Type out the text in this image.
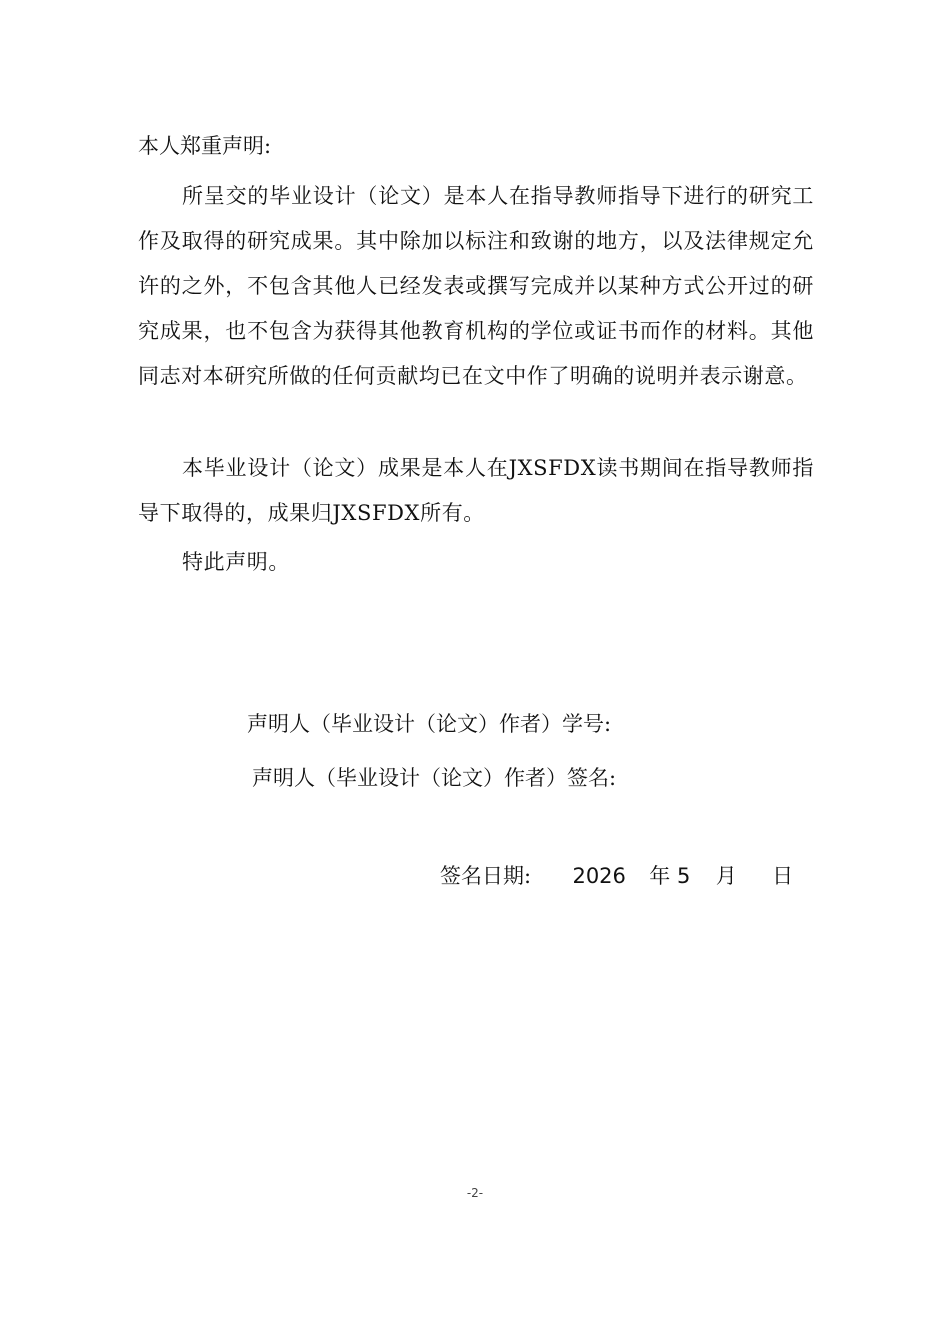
本人郑重声明:

所呈交的毕业设计（论文）是本人在指导教师指导下进行的研究工作及取得的研究成果。其中除加以标注和致谢的地方，以及法律规定允许的之外，不包含其他人已经发表或撰写完成并以某种方式公开过的研究成果，也不包含为获得其他教育机构的学位或证书而作的材料。其他同志对本研究所做的任何贡献均已在文中作了明确的说明并表示谢意。

本毕业设计（论文）成果是本人在JXSFDX读书期间在指导教师指导下取得的，成果归JXSFDX所有。

特此声明。

声明人（毕业设计（论文）作者）学号:
声明人（毕业设计（论文）作者）签名:
签名日期: 2026 年 5 月 日
-2-
